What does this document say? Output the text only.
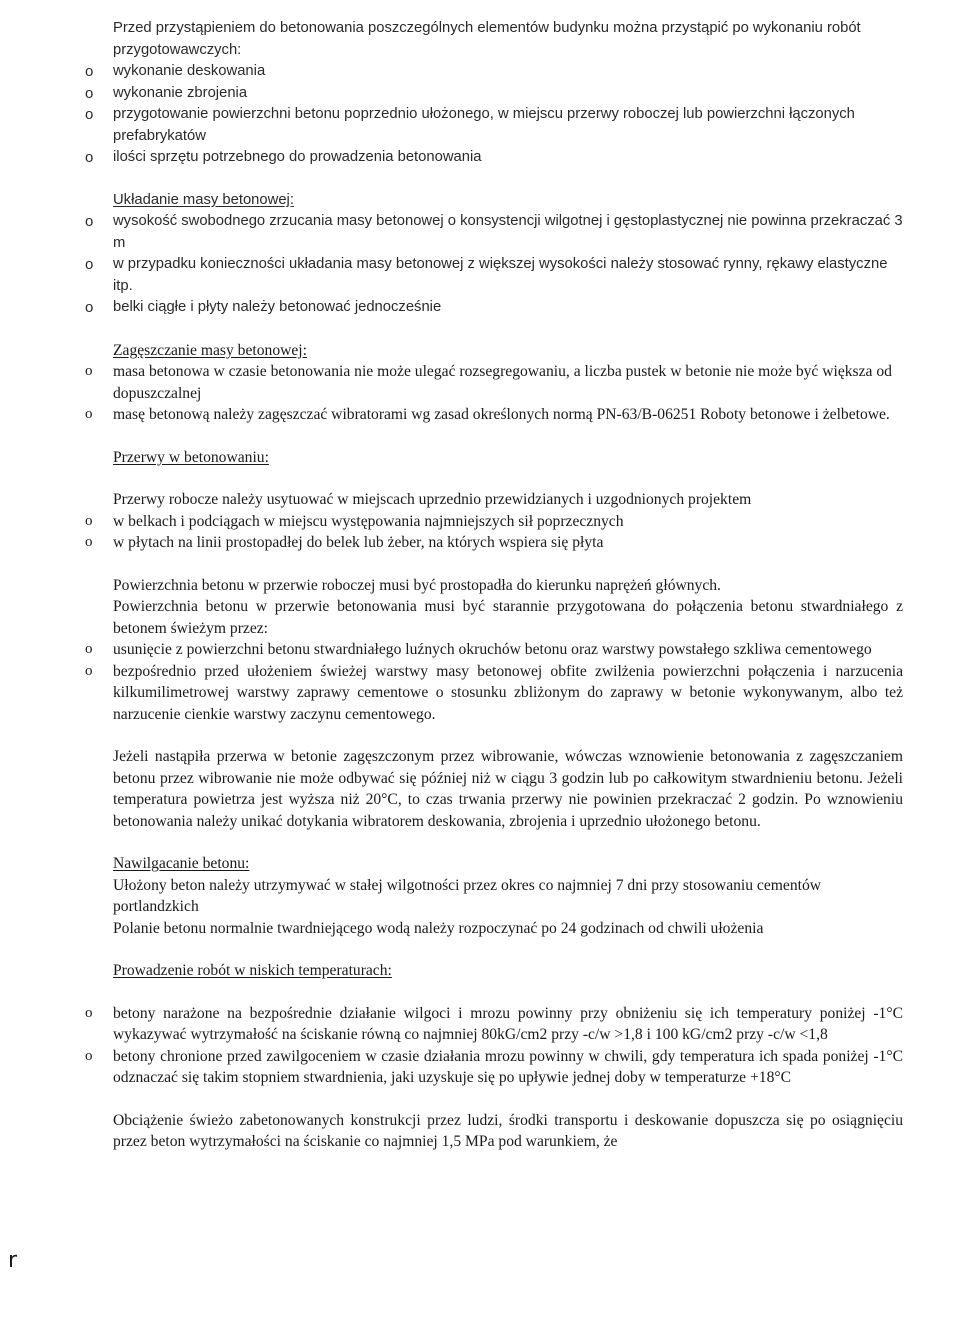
Przed przystąpieniem do betonowania poszczególnych elementów budynku można przystąpić po wykonaniu robót przygotowawczych:
o wykonanie deskowania
o wykonanie zbrojenia
o przygotowanie powierzchni betonu poprzednio ułożonego, w miejscu przerwy roboczej lub powierzchni łączonych prefabrykatów
o ilości sprzętu potrzebnego do prowadzenia betonowania
Układanie masy betonowej:
o wysokość swobodnego zrzucania masy betonowej o konsystencji wilgotnej i gęstoplastycznej nie powinna przekraczać 3 m
o w przypadku konieczności układania masy betonowej z większej wysokości należy stosować rynny, rękawy elastyczne itp.
o belki ciągłe i płyty należy betonować jednocześnie
Zagęszczanie masy betonowej:
o masa betonowa w czasie betonowania nie może ulegać rozsegregowaniu, a liczba pustek w betonie nie może być większa od dopuszczalnej
o masę betonową należy zagęszczać wibratorami wg zasad określonych normą PN-63/B-06251 Roboty betonowe i żelbetowe.
Przerwy w betonowaniu:
Przerwy robocze należy usytuować w miejscach uprzednio przewidzianych i uzgodnionych projektem
o w belkach i podciągach w miejscu występowania najmniejszych sił poprzecznych
o w płytach na linii prostopadłej do belek lub żeber, na których wspiera się płyta
Powierzchnia betonu w przerwie roboczej musi być prostopadła do kierunku naprężeń głównych.
Powierzchnia betonu w przerwie betonowania musi być starannie przygotowana do połączenia betonu stwardniałego z betonem świeżym przez:
o usunięcie z powierzchni betonu stwardniałego luźnych okruchów betonu oraz warstwy powstałego szkliwa cementowego
o bezpośrednio przed ułożeniem świeżej warstwy masy betonowej obfite zwilżenia powierzchni połączenia i narzucenia kilkumilimetrowej warstwy zaprawy cementowe o stosunku zbliżonym do zaprawy w betonie wykonywanym, albo też narzucenie cienkie warstwy zaczynu cementowego.
Jeżeli nastąpiła przerwa w betonie zagęszczonym przez wibrowanie, wówczas wznowienie betonowania z zagęszczaniem betonu przez wibrowanie nie może odbywać się później niż w ciągu 3 godzin lub po całkowitym stwardnieniu betonu. Jeżeli temperatura powietrza jest wyższa niż 20°C, to czas trwania przerwy nie powinien przekraczać 2 godzin. Po wznowieniu betonowania należy unikać dotykania wibratorem deskowania, zbrojenia i uprzednio ułożonego betonu.
Nawilgacanie betonu:
Ułożony beton należy utrzymywać w stałej wilgotności przez okres co najmniej 7 dni przy stosowaniu cementów portlandzkich
Polanie betonu normalnie twardniejącego wodą należy rozpoczynać po 24 godzinach od chwili ułożenia
Prowadzenie robót w niskich temperaturach:
o betony narażone na bezpośrednie działanie wilgoci i mrozu powinny przy obniżeniu się ich temperatury poniżej -1°C wykazywać wytrzymałość na ściskanie równą co najmniej 80kG/cm2 przy -c/w >1,8 i 100 kG/cm2 przy -c/w <1,8
o betony chronione przed zawilgoceniem w czasie działania mrozu powinny w chwili, gdy temperatura ich spada poniżej -1°C odznaczać się takim stopniem stwardnienia, jaki uzyskuje się po upływie jednej doby w temperaturze +18°C
Obciążenie świeżo zabetonowanych konstrukcji przez ludzi, środki transportu i deskowanie dopuszcza się po osiągnięciu przez beton wytrzymałości na ściskanie co najmniej 1,5 MPa pod warunkiem, że
r
